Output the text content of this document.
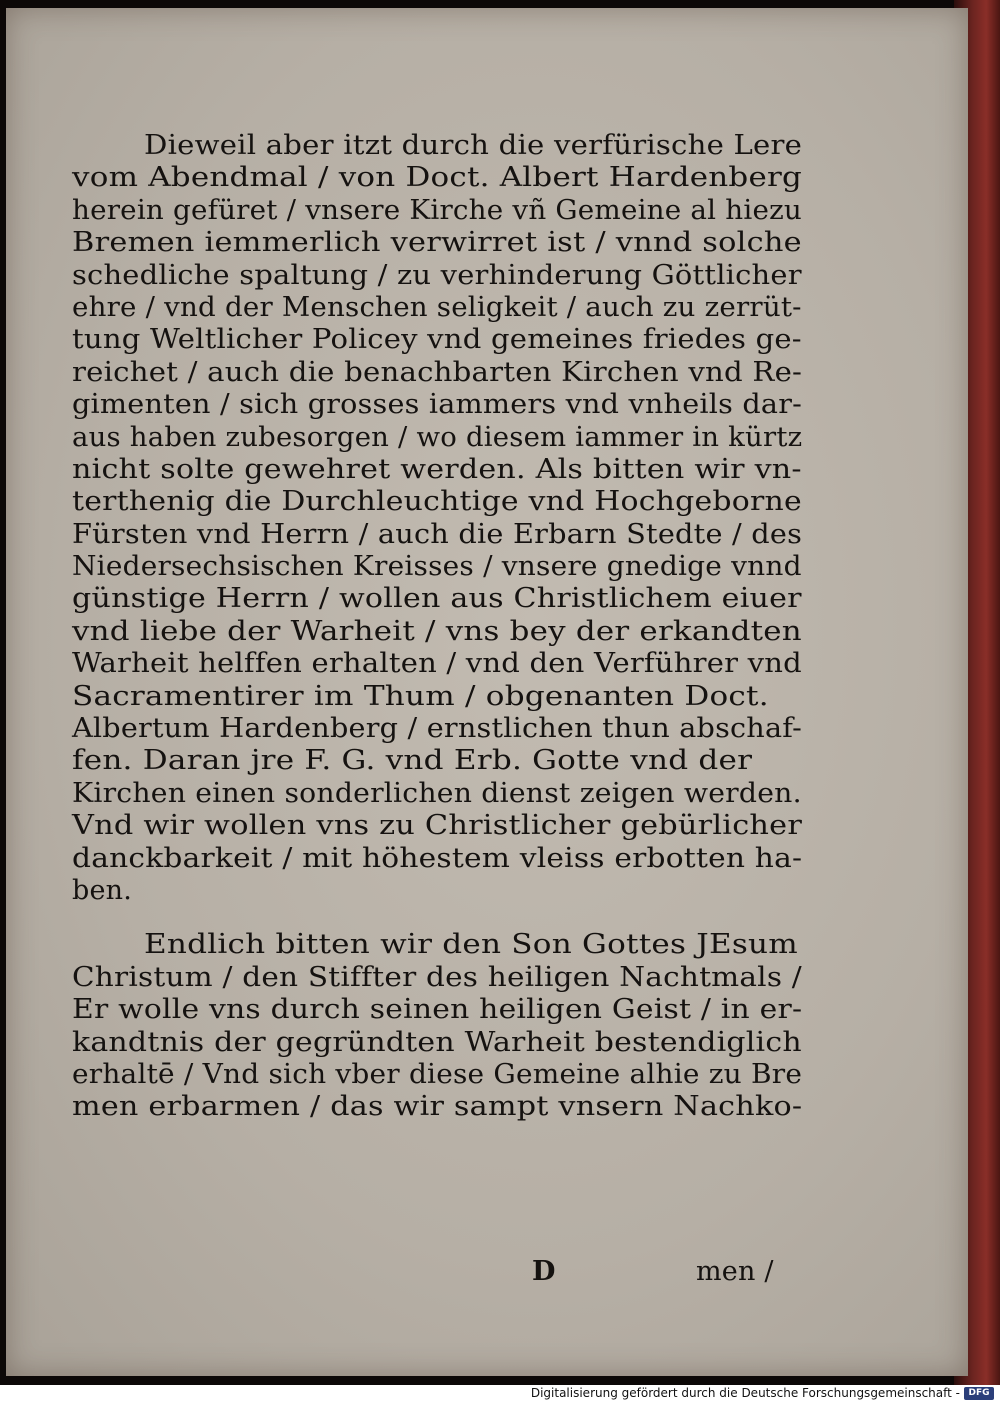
Dieweil aber itzt durch die verfürische Lere
vom Abendmal / von Doct. Albert Hardenberg
herein gefüret / vnsere Kirche vñ Gemeine al hiezu
Bremen iemmerlich verwirret ist / vnnd solche
schedliche spaltung / zu verhinderung Göttlicher
ehre / vnd der Menschen seligkeit / auch zu zerrüt-
tung Weltlicher Policey vnd gemeines friedes ge-
reichet / auch die benachbarten Kirchen vnd Re-
gimenten / sich grosses iammers vnd vnheils dar-
aus haben zubesorgen / wo diesem iammer in kürtz
nicht solte gewehret werden. Als bitten wir vn-
terthenig die Durchleuchtige vnd Hochgeborne
Fürsten vnd Herrn / auch die Erbarn Stedte / des
Niedersechsischen Kreisses / vnsere gnedige vnnd
günstige Herrn / wollen aus Christlichem eiuer
vnd liebe der Warheit / vns bey der erkandten
Warheit helffen erhalten / vnd den Verführer vnd
Sacramentirer im Thum / obgenanten Doct.
Albertum Hardenberg / ernstlichen thun abschaf-
fen. Daran jre F. G. vnd Erb. Gotte vnd der
Kirchen einen sonderlichen dienst zeigen werden.
Vnd wir wollen vns zu Christlicher gebürlicher
danckbarkeit / mit höhestem vleiss erbotten ha-
ben.
Endlich bitten wir den Son Gottes JEsum
Christum / den Stiffter des heiligen Nachtmals /
Er wolle vns durch seinen heiligen Geist / in er-
kandtnis der gegründten Warheit bestendiglich
erhaltē / Vnd sich vber diese Gemeine alhie zu Bre
men erbarmen / das wir sampt vnsern Nachko-
D	men /
Digitalisierung gefördert durch die Deutsche Forschungsgemeinschaft - DFG
